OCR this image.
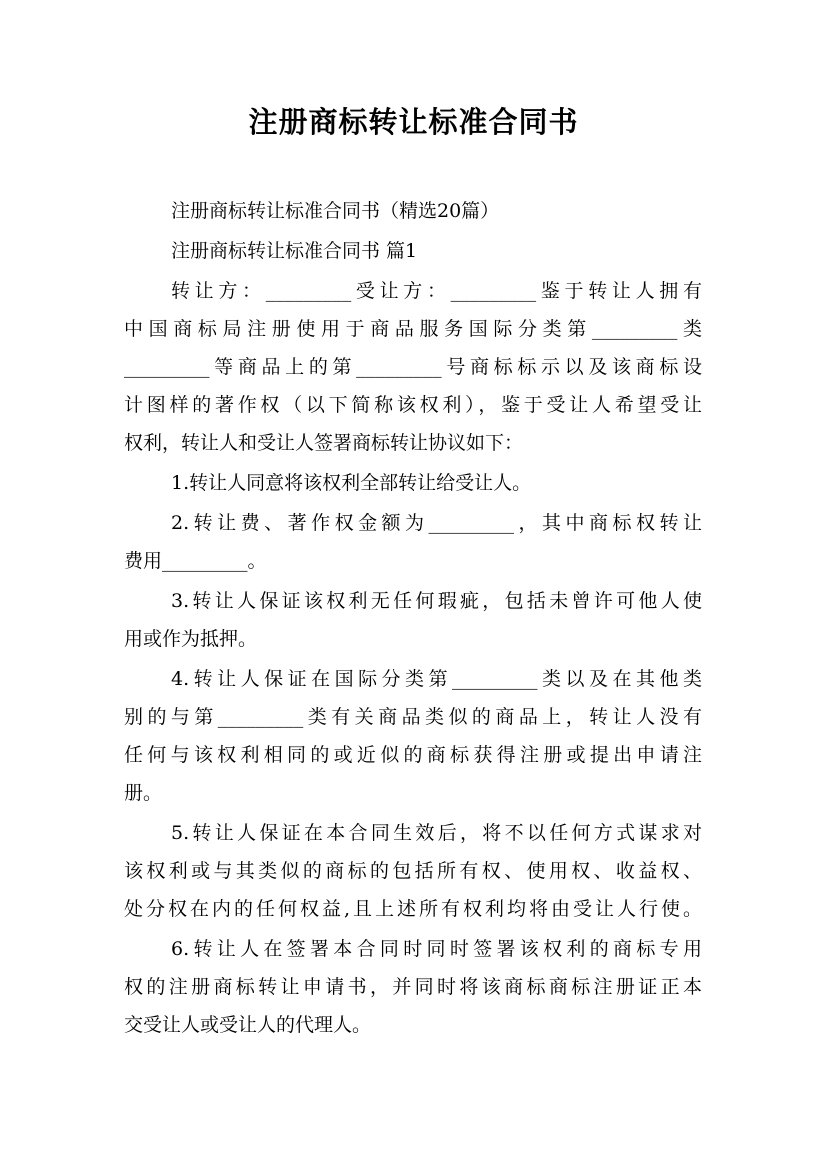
注册商标转让标准合同书
注册商标转让标准合同书（精选20篇）
注册商标转让标准合同书 篇1
转让方：_________受让方：_________鉴于转让人拥有
中国商标局注册使用于商品服务国际分类第_________类
_________等商品上的第_________号商标标示以及该商标设
计图样的著作权（以下简称该权利），鉴于受让人希望受让
权利，转让人和受让人签署商标转让协议如下：
1.转让人同意将该权利全部转让给受让人。
2.转让费、著作权金额为_________，其中商标权转让
费用_________。
3.转让人保证该权利无任何瑕疵，包括未曾许可他人使
用或作为抵押。
4.转让人保证在国际分类第_________类以及在其他类
别的与第_________类有关商品类似的商品上，转让人没有
任何与该权利相同的或近似的商标获得注册或提出申请注
册。
5.转让人保证在本合同生效后，将不以任何方式谋求对
该权利或与其类似的商标的包括所有权、使用权、收益权、
处分权在内的任何权益,且上述所有权利均将由受让人行使。
6.转让人在签署本合同时同时签署该权利的商标专用
权的注册商标转让申请书，并同时将该商标商标注册证正本
交受让人或受让人的代理人。
